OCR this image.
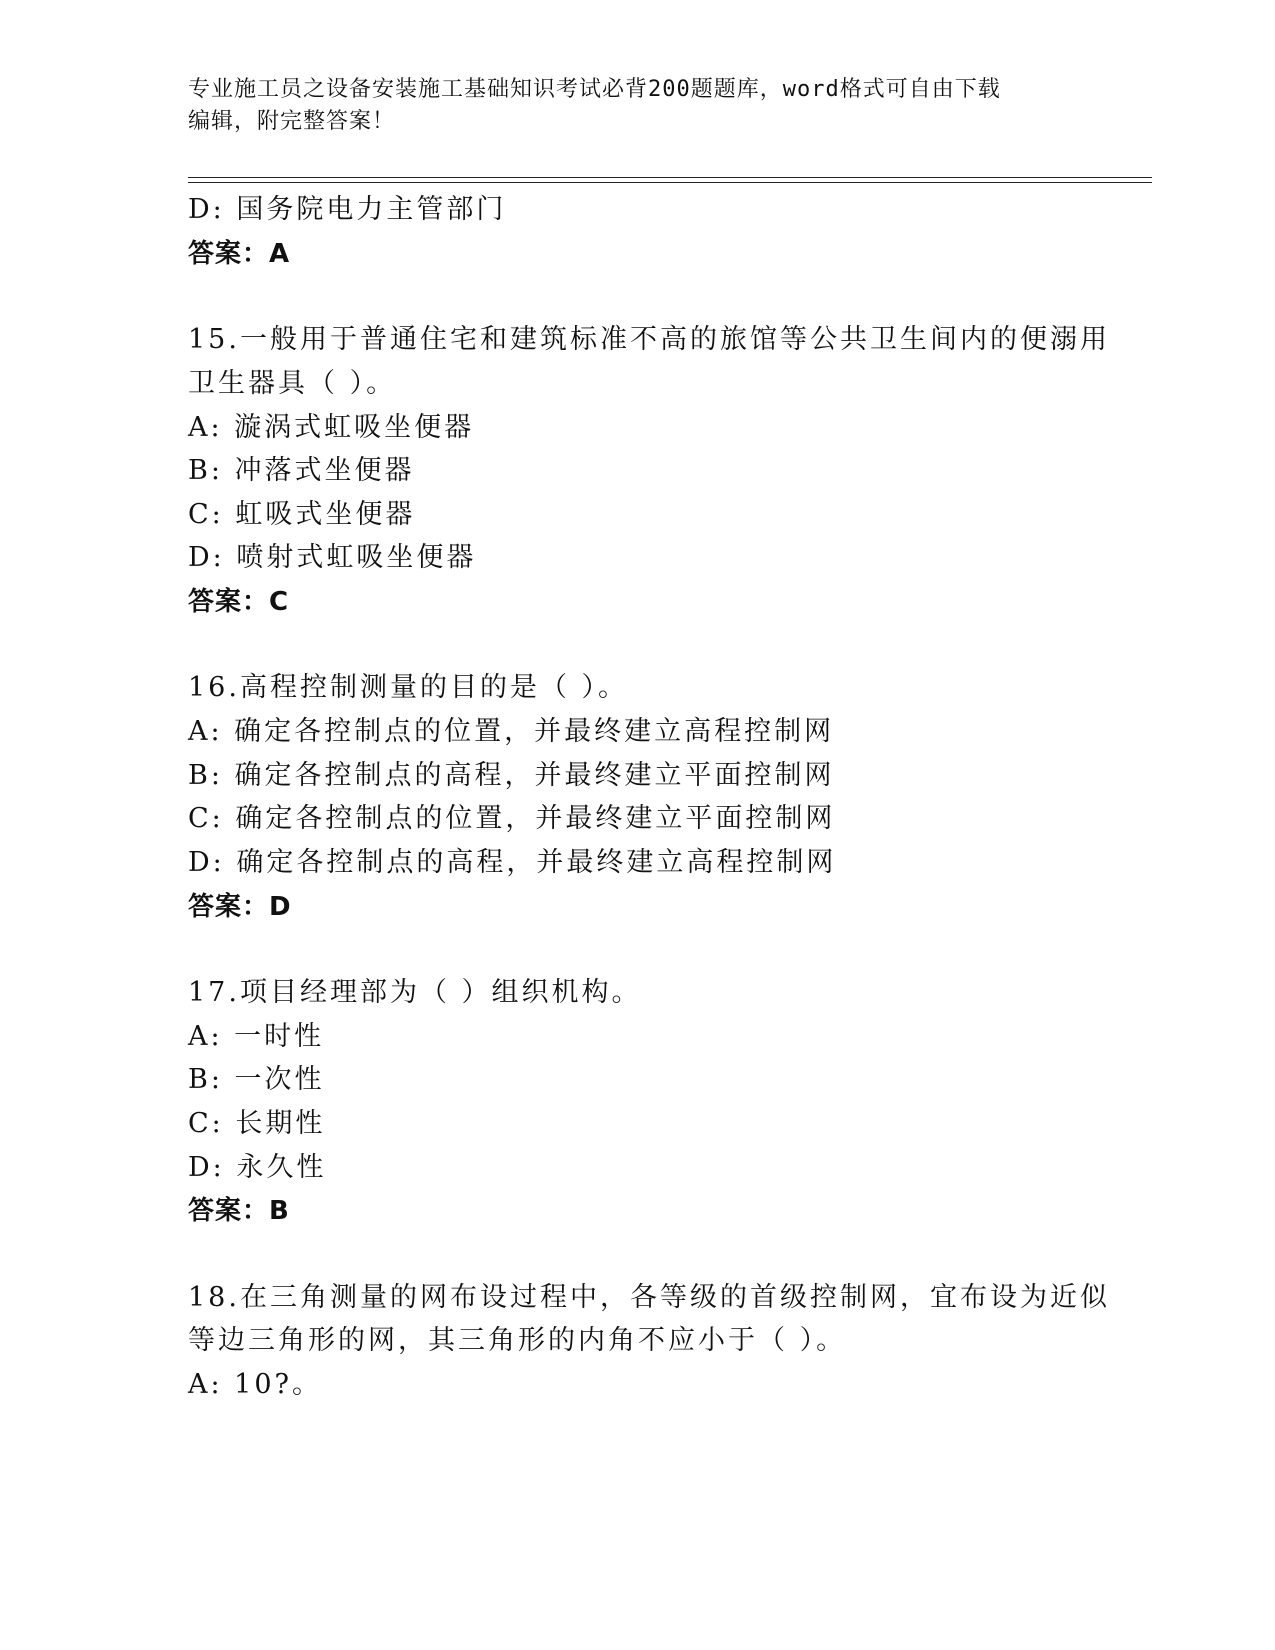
专业施工员之设备安装施工基础知识考试必背200题题库，word格式可自由下载
编辑，附完整答案！
D: 国务院电力主管部门
答案：A
15.一般用于普通住宅和建筑标准不高的旅馆等公共卫生间内的便溺用
卫生器具（ ）。
A: 漩涡式虹吸坐便器
B: 冲落式坐便器
C: 虹吸式坐便器
D: 喷射式虹吸坐便器
答案：C
16.高程控制测量的目的是（ ）。
A: 确定各控制点的位置，并最终建立高程控制网
B: 确定各控制点的高程，并最终建立平面控制网
C: 确定各控制点的位置，并最终建立平面控制网
D: 确定各控制点的高程，并最终建立高程控制网
答案：D
17.项目经理部为（ ）组织机构。
A: 一时性
B: 一次性
C: 长期性
D: 永久性
答案：B
18.在三角测量的网布设过程中，各等级的首级控制网，宜布设为近似
等边三角形的网，其三角形的内角不应小于（ ）。
A: 10?。
